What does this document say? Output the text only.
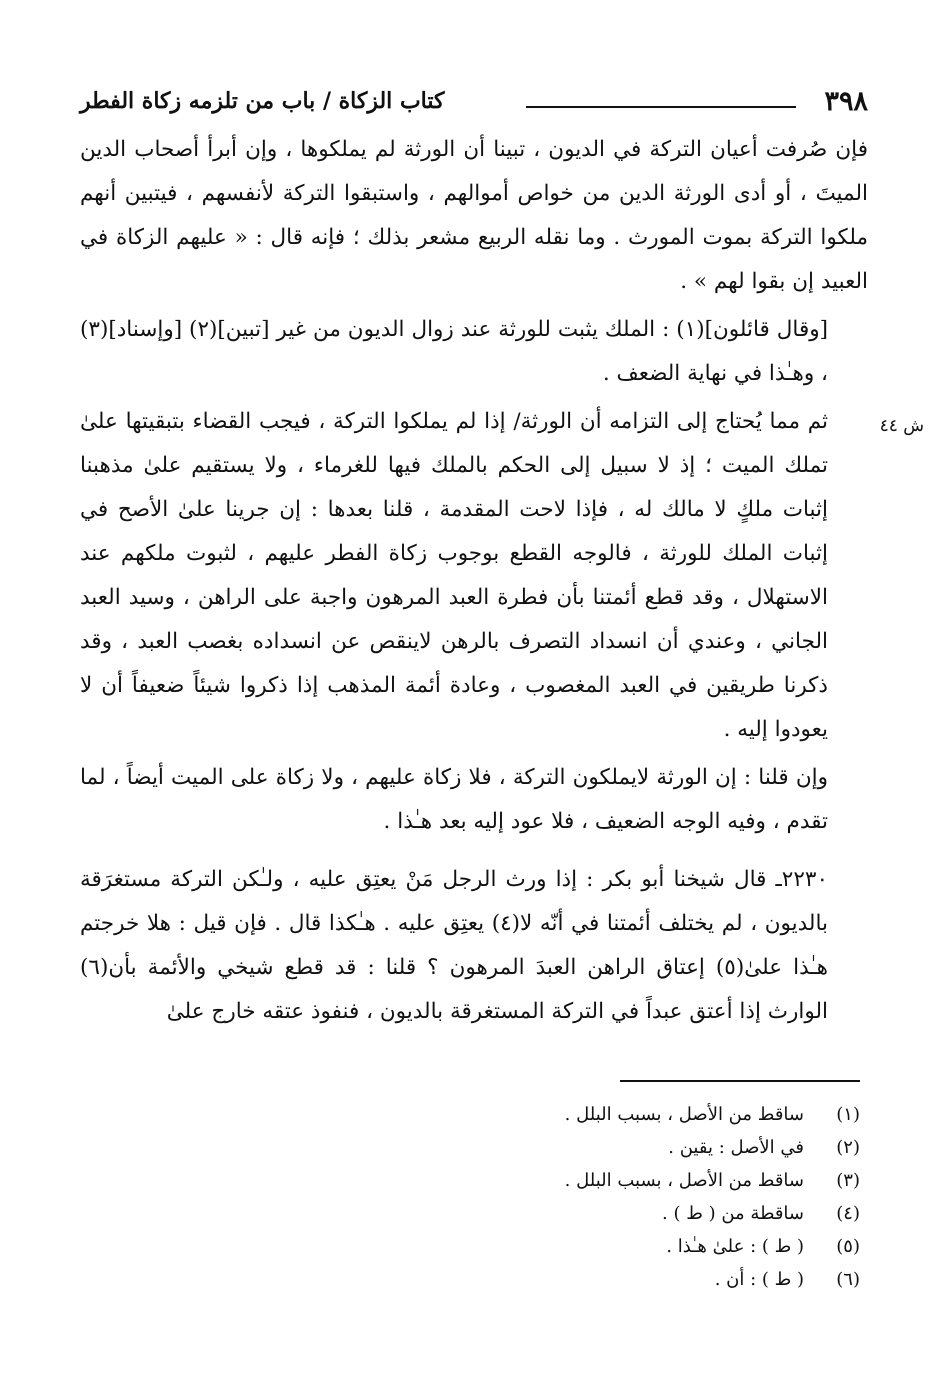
٣٩٨
كتاب الزكاة / باب من تلزمه زكاة الفطر
ش ٤٤

فإن صُرفت أعيان التركة في الديون ، تبينا أن الورثة لم يملكوها ، وإن أبرأ أصحاب الدين الميتَ ، أو أدى الورثة الدين من خواص أموالهم ، واستبقوا التركة لأنفسهم ، فيتبين أنهم ملكوا التركة بموت المورث . وما نقله الربيع مشعر بذلك ؛ فإنه قال : « عليهم الزكاة في العبيد إن بقوا لهم » .

[وقال قائلون](١) : الملك يثبت للورثة عند زوال الديون من غير [تبين](٢) [وإسناد](٣) ، وهـٰذا في نهاية الضعف .

ثم مما يُحتاج إلى التزامه أن الورثة/ إذا لم يملكوا التركة ، فيجب القضاء بتبقيتها علىٰ تملك الميت ؛ إذ لا سبيل إلى الحكم بالملك فيها للغرماء ، ولا يستقيم علىٰ مذهبنا إثبات ملكٍ لا مالك له ، فإذا لاحت المقدمة ، قلنا بعدها : إن جرينا علىٰ الأصح في إثبات الملك للورثة ، فالوجه القطع بوجوب زكاة الفطر عليهم ، لثبوت ملكهم عند الاستهلال ، وقد قطع أئمتنا بأن فطرة العبد المرهون واجبة على الراهن ، وسيد العبد الجاني ، وعندي أن انسداد التصرف بالرهن لاينقص عن انسداده بغصب العبد ، وقد ذكرنا طريقين في العبد المغصوب ، وعادة أئمة المذهب إذا ذكروا شيئاً ضعيفاً أن لا يعودوا إليه .

وإن قلنا : إن الورثة لايملكون التركة ، فلا زكاة عليهم ، ولا زكاة على الميت أيضاً ، لما تقدم ، وفيه الوجه الضعيف ، فلا عود إليه بعد هـٰذا .

٢٢٣٠ـ قال شيخنا أبو بكر : إذا ورث الرجل مَنْ يعتِق عليه ، ولـٰكن التركة مستغرَقة بالديون ، لم يختلف أئمتنا في أنّه لا(٤) يعتِق عليه . هـٰكذا قال . فإن قيل : هلا خرجتم هـٰذا علىٰ(٥) إعتاق الراهن العبدَ المرهون ؟ قلنا : قد قطع شيخي والأئمة بأن(٦) الوارث إذا أعتق عبداً في التركة المستغرقة بالديون ، فنفوذ عتقه خارج علىٰ

(١)
ساقط من الأصل ، بسبب البلل .
(٢)
في الأصل : يقين .
(٣)
ساقط من الأصل ، بسبب البلل .
(٤)
ساقطة من ( ط ) .
(٥)
( ط ) : علىٰ هـٰذا .
(٦)
( ط ) : أن .
